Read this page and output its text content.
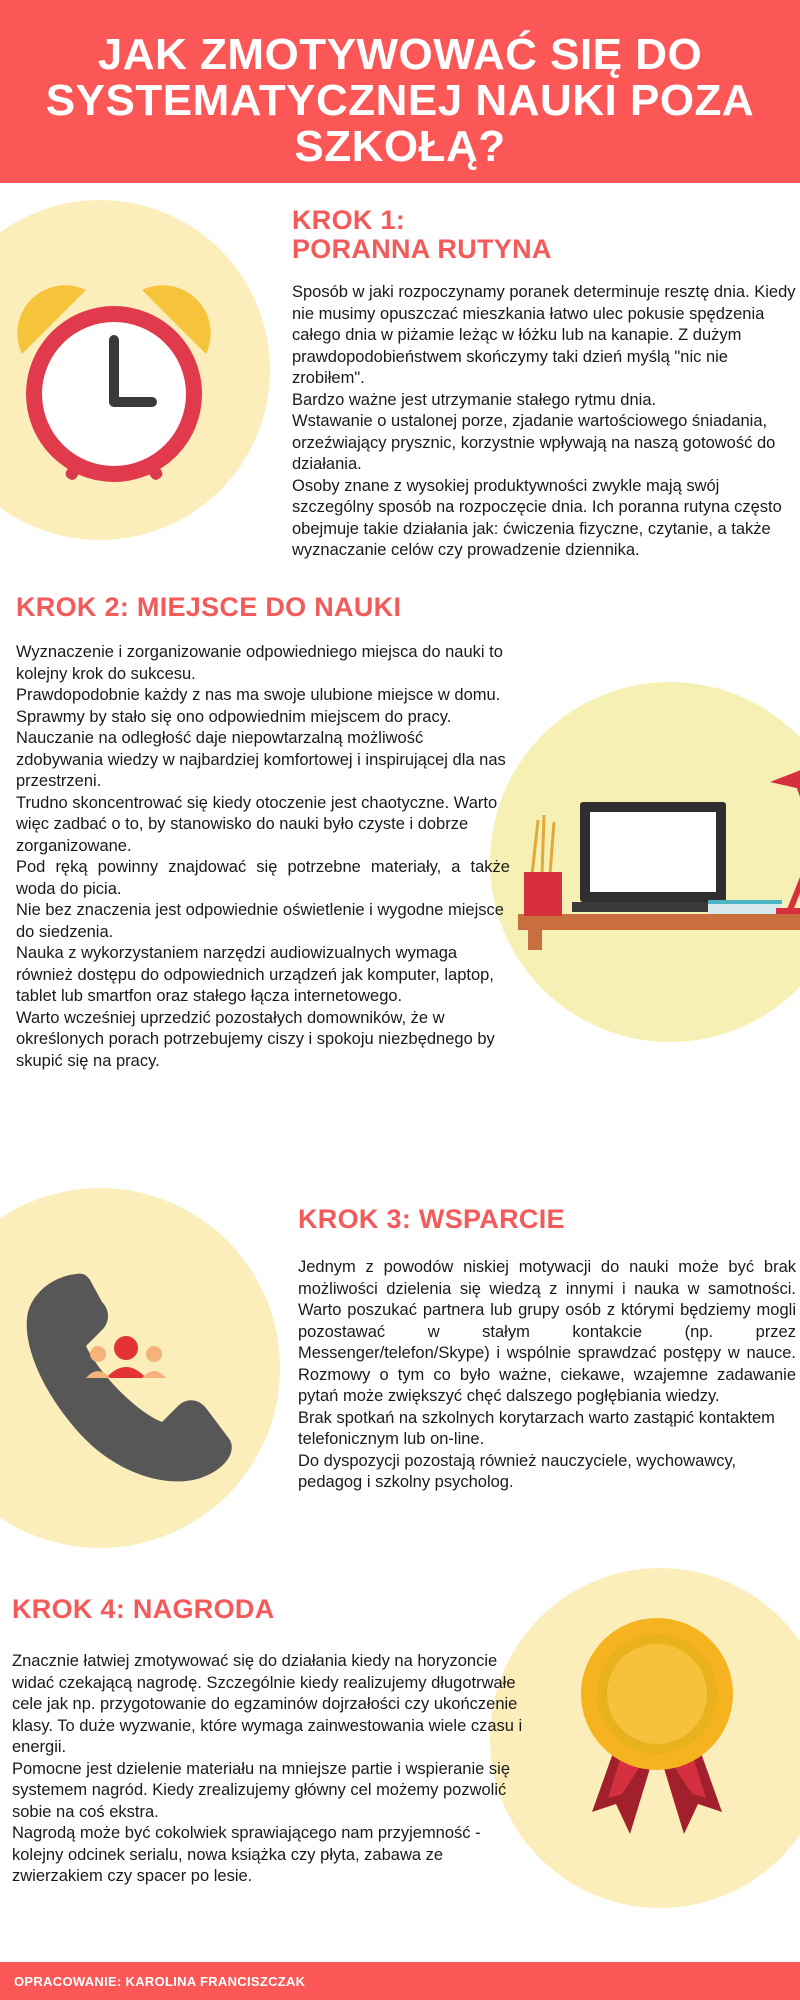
JAK ZMOTYWOWAĆ SIĘ DO SYSTEMATYCZNEJ NAUKI POZA SZKOŁĄ?
KROK 1:
PORANNA RUTYNA

Sposób w jaki rozpoczynamy poranek determinuje resztę dnia. Kiedy nie musimy opuszczać mieszkania łatwo ulec pokusie spędzenia całego dnia w piżamie leżąc w łóżku lub na kanapie. Z dużym prawdopodobieństwem skończymy taki dzień myślą "nic nie zrobiłem".

Bardzo ważne jest utrzymanie stałego rytmu dnia.

Wstawanie o ustalonej porze, zjadanie wartościowego śniadania, orzeźwiający prysznic, korzystnie wpływają na naszą gotowość do działania.

Osoby znane z wysokiej produktywności zwykle mają swój szczególny sposób na rozpoczęcie dnia. Ich poranna rutyna często obejmuje takie działania jak: ćwiczenia fizyczne, czytanie, a także wyznaczanie celów czy prowadzenie dziennika.

KROK 2: MIEJSCE DO NAUKI

Wyznaczenie i zorganizowanie odpowiedniego miejsca do nauki to kolejny krok do sukcesu.

Prawdopodobnie każdy z nas ma swoje ulubione miejsce w domu. Sprawmy by stało się ono odpowiednim miejscem do pracy.

Nauczanie na odległość daje niepowtarzalną możliwość zdobywania wiedzy w najbardziej komfortowej i inspirującej dla nas przestrzeni.

Trudno skoncentrować się kiedy otoczenie jest chaotyczne. Warto więc zadbać o to, by stanowisko do nauki było czyste i dobrze zorganizowane.

Pod ręką powinny znajdować się potrzebne materiały, a także woda do picia.

Nie bez znaczenia jest odpowiednie oświetlenie i wygodne miejsce do siedzenia.

Nauka z wykorzystaniem narzędzi audiowizualnych wymaga również dostępu do odpowiednich urządzeń jak komputer, laptop, tablet lub smartfon oraz stałego łącza internetowego.

Warto wcześniej uprzedzić pozostałych domowników, że w określonych porach potrzebujemy ciszy i spokoju niezbędnego by skupić się na pracy.

KROK 3: WSPARCIE

Jednym z powodów niskiej motywacji do nauki może być brak możliwości dzielenia się wiedzą z innymi i nauka w samotności. Warto poszukać partnera lub grupy osób z którymi będziemy mogli pozostawać w stałym kontakcie (np. przez Messenger/telefon/Skype) i wspólnie sprawdzać postępy w nauce. Rozmowy o tym co było ważne, ciekawe, wzajemne zadawanie pytań może zwiększyć chęć dalszego pogłębiania wiedzy.

Brak spotkań na szkolnych korytarzach warto zastąpić kontaktem telefonicznym lub on-line.

Do dyspozycji pozostają również nauczyciele, wychowawcy, pedagog i szkolny psycholog.

KROK 4: NAGRODA

Znacznie łatwiej zmotywować się do działania kiedy na horyzoncie widać czekającą nagrodę. Szczególnie kiedy realizujemy długotrwałe cele jak np. przygotowanie do egzaminów dojrzałości czy ukończenie klasy. To duże wyzwanie, które wymaga zainwestowania wiele czasu i energii.

Pomocne jest dzielenie materiału na mniejsze partie i wspieranie się systemem nagród. Kiedy zrealizujemy główny cel możemy pozwolić sobie na coś ekstra.

Nagrodą może być cokolwiek sprawiającego nam przyjemność - kolejny odcinek serialu, nowa książka czy płyta, zabawa ze zwierzakiem czy spacer po lesie.

OPRACOWANIE: KAROLINA FRANCISZCZAK
